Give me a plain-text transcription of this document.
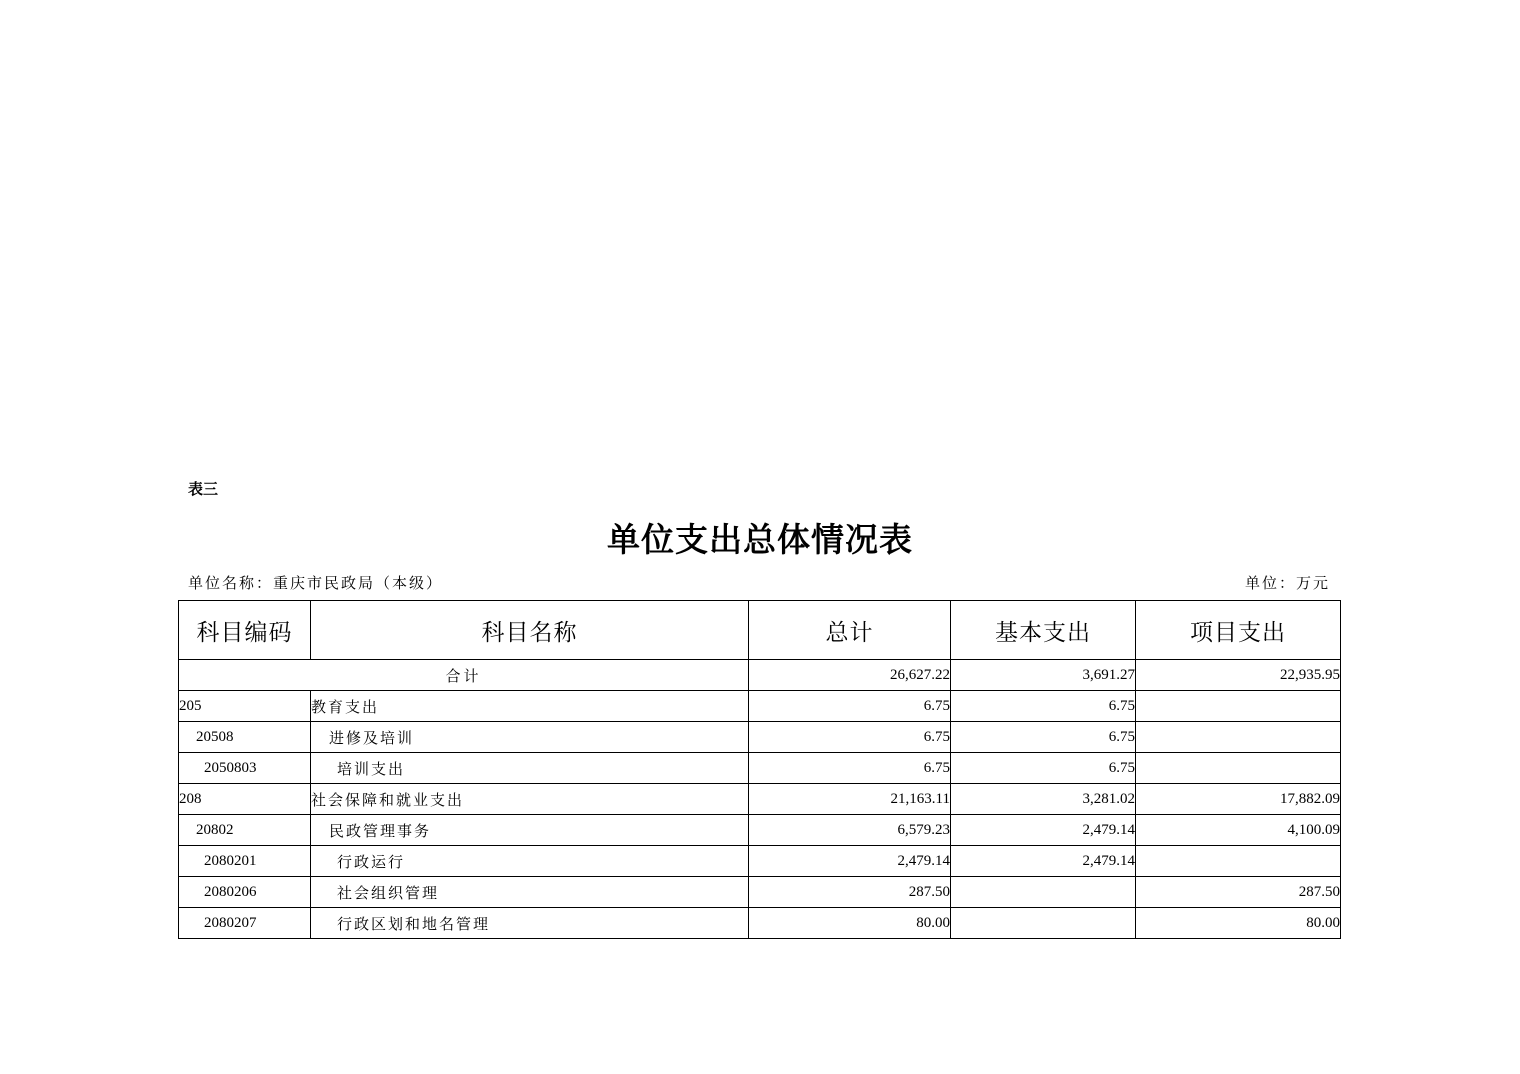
表三
单位支出总体情况表
单位名称：重庆市民政局（本级）	单位：万元
科目编码	科目名称	总计	基本支出	项目支出
合计		26,627.22	3,691.27	22,935.95
205	教育支出	6.75	6.75	
20508	进修及培训	6.75	6.75	
2050803	培训支出	6.75	6.75	
208	社会保障和就业支出	21,163.11	3,281.02	17,882.09
20802	民政管理事务	6,579.23	2,479.14	4,100.09
2080201	行政运行	2,479.14	2,479.14	
2080206	社会组织管理	287.50		287.50
2080207	行政区划和地名管理	80.00		80.00
